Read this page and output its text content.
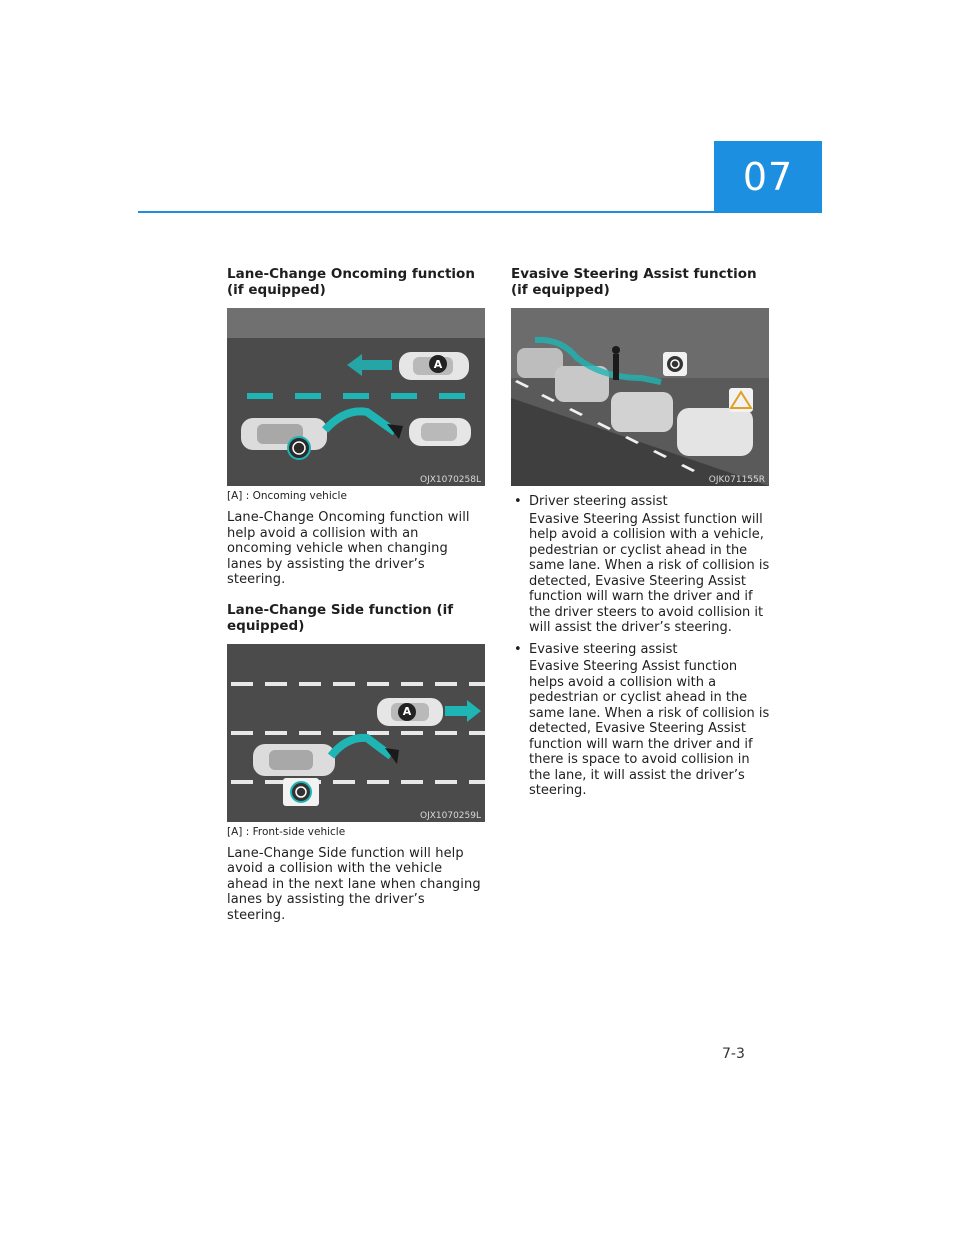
07
Lane-Change Oncoming function (if equipped)
OJX1070258L
A
[A] : Oncoming vehicle

Lane-Change Oncoming function will help avoid a collision with an oncoming vehicle when changing lanes by assisting the driver’s steering.

Lane-Change Side function (if equipped)
OJX1070259L
A
[A] : Front-side vehicle

Lane-Change Side function will help avoid a collision with the vehicle ahead in the next lane when changing lanes by assisting the driver’s steering.

Evasive Steering Assist function (if equipped)
OJK071155R
• Driver steering assist
Evasive Steering Assist function will help avoid a collision with a vehicle, pedestrian or cyclist ahead in the same lane. When a risk of collision is detected, Evasive Steering Assist function will warn the driver and if the driver steers to avoid collision it will assist the driver’s steering.
• Evasive steering assist
Evasive Steering Assist function helps avoid a collision with a pedestrian or cyclist ahead in the same lane. When a risk of collision is detected, Evasive Steering Assist function will warn the driver and if there is space to avoid collision in the lane, it will assist the driver’s steering.
7-3
